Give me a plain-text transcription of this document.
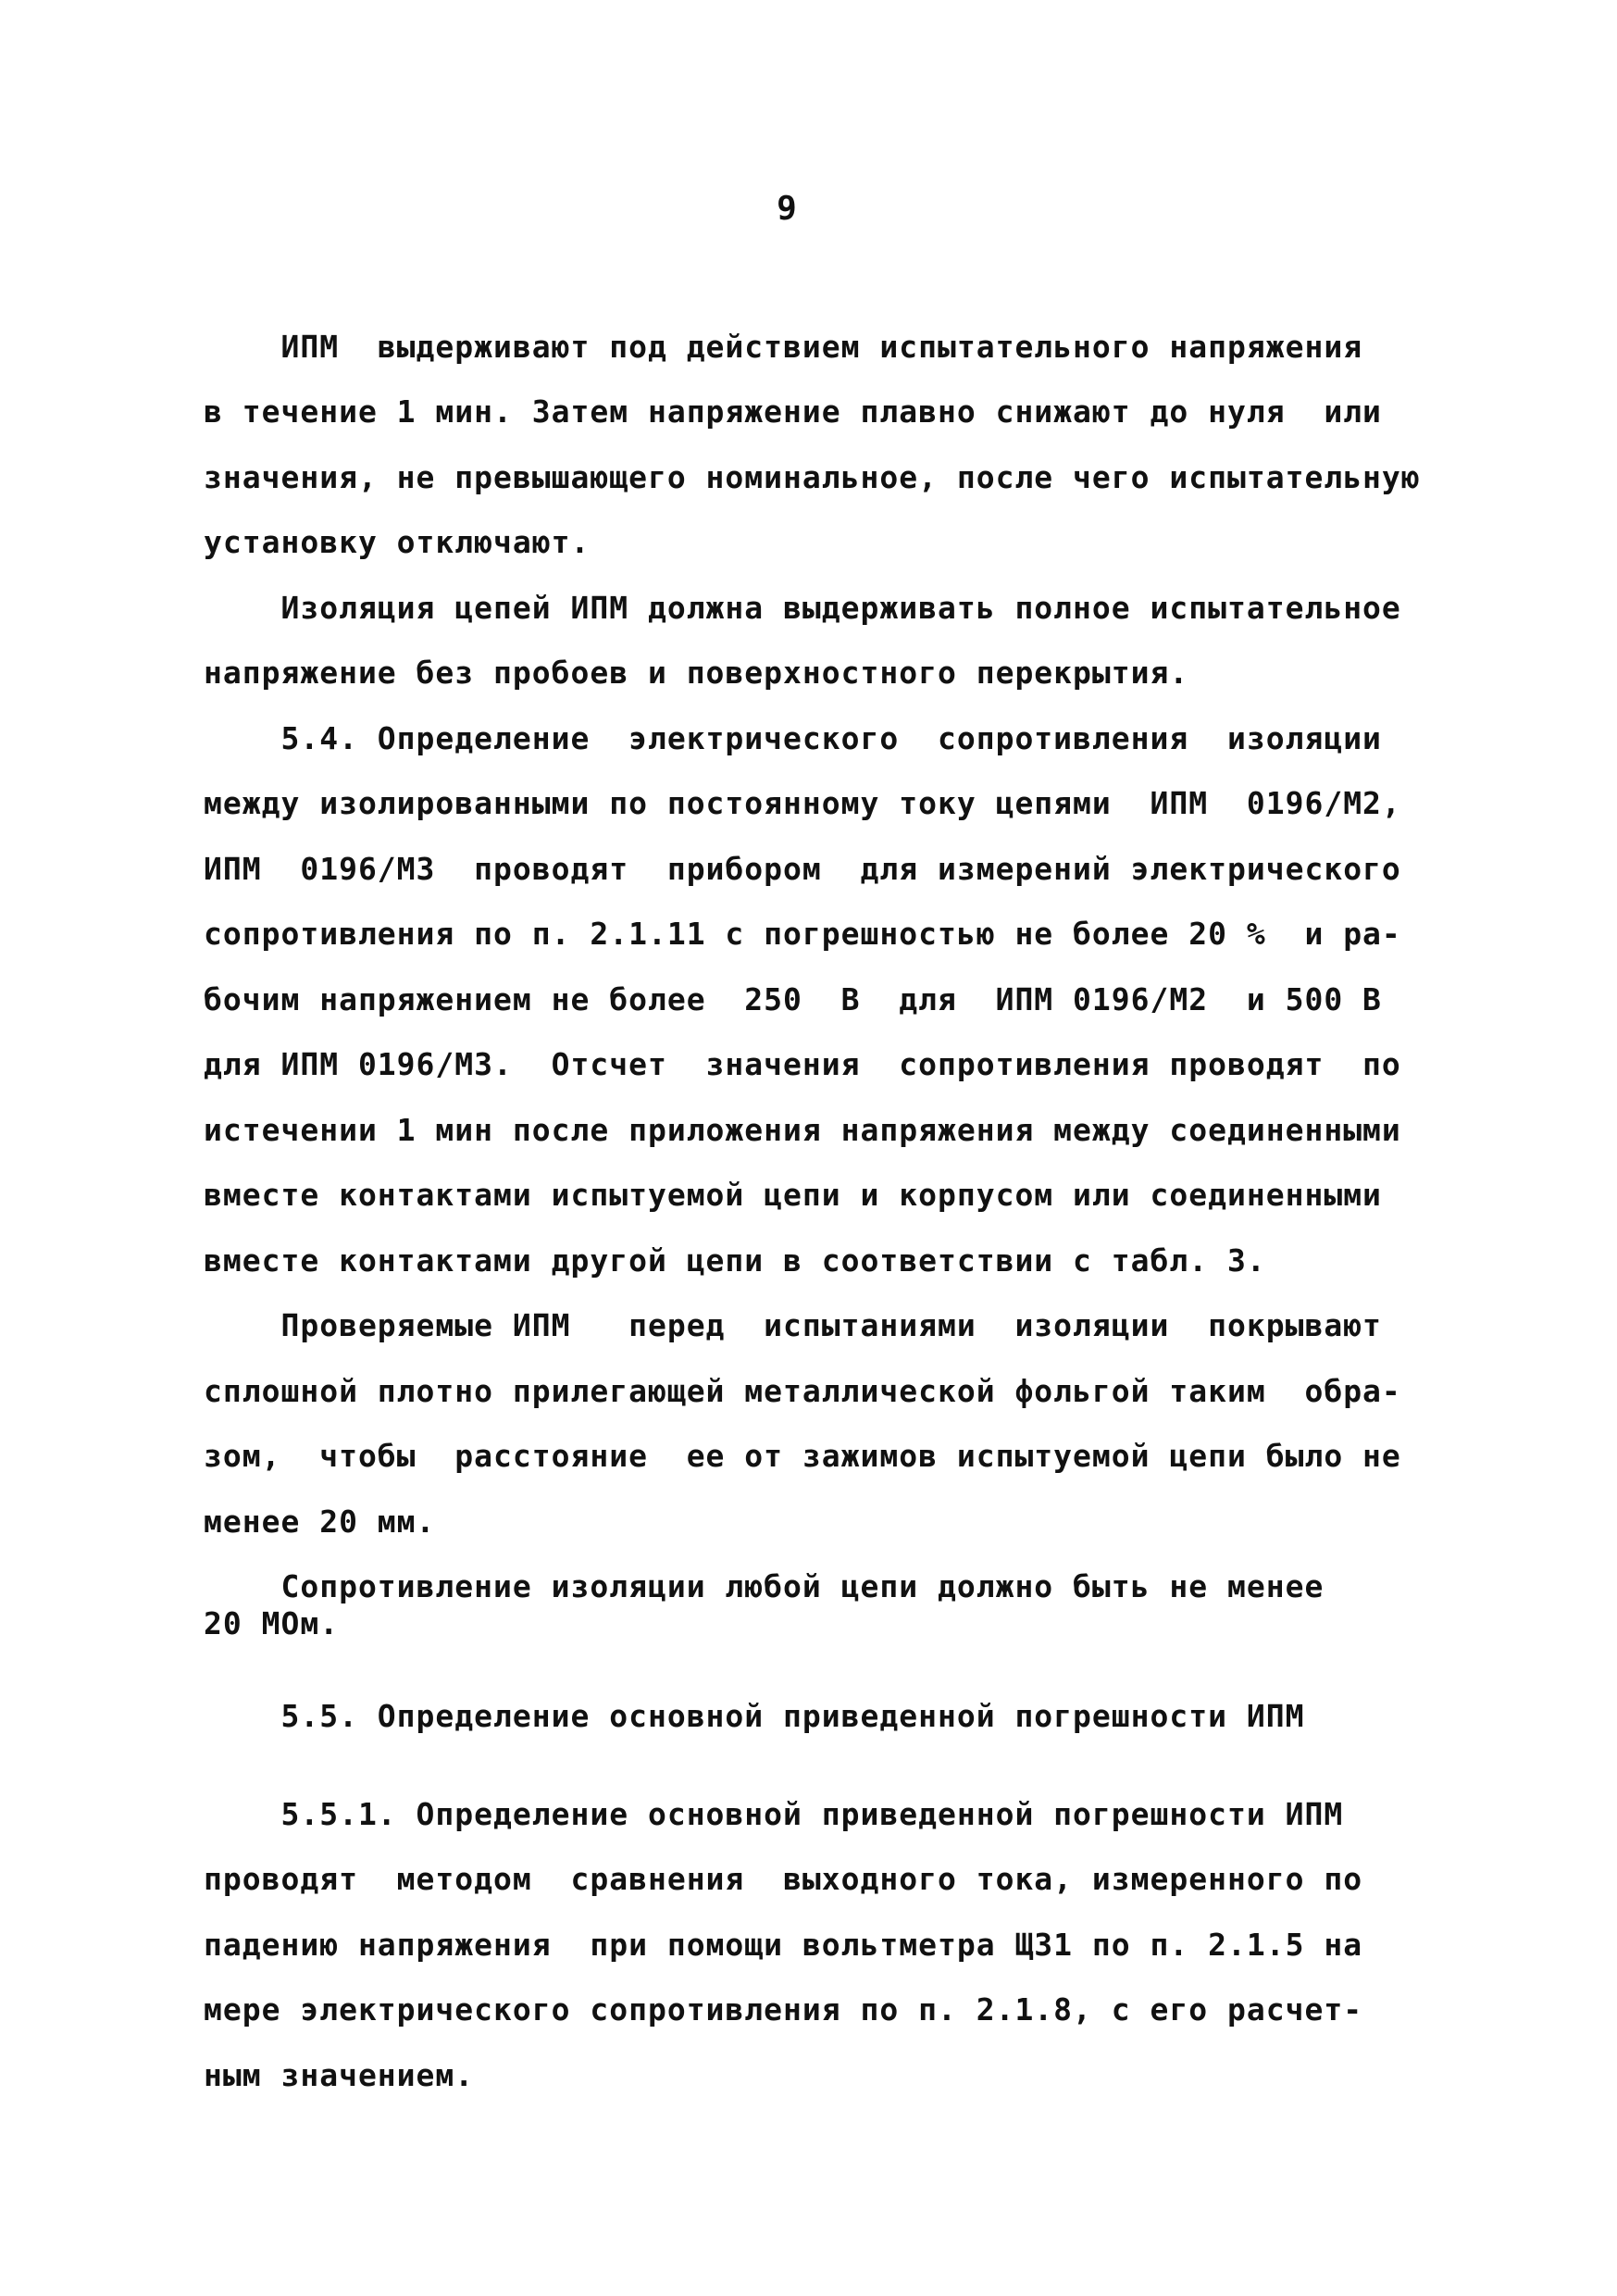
9
ИПМ  выдерживают под действием испытательного напряжения
в течение 1 мин. Затем напряжение плавно снижают до нуля  или
значения, не превышающего номинальное, после чего испытательную
установку отключают.
Изоляция цепей ИПМ должна выдерживать полное испытательное
напряжение без пробоев и поверхностного перекрытия.
5.4. Определение  электрического  сопротивления  изоляции
между изолированными по постоянному току цепями  ИПМ  0196/М2,
ИПМ  0196/М3  проводят  прибором  для измерений электрического
сопротивления по п. 2.1.11 с погрешностью не более 20 %  и ра-
бочим напряжением не более  250  В  для  ИПМ 0196/М2  и 500 В
для ИПМ 0196/М3.  Отсчет  значения  сопротивления проводят  по
истечении 1 мин после приложения напряжения между соединенными
вместе контактами испытуемой цепи и корпусом или соединенными
вместе контактами другой цепи в соответствии с табл. 3.
Проверяемые ИПМ   перед  испытаниями  изоляции  покрывают
сплошной плотно прилегающей металлической фольгой таким  обра-
зом,  чтобы  расстояние  ее от зажимов испытуемой цепи было не
менее 20 мм.
Сопротивление изоляции любой цепи должно быть не менее
20 МОм.
5.5. Определение основной приведенной погрешности ИПМ
5.5.1. Определение основной приведенной погрешности ИПМ
проводят  методом  сравнения  выходного тока, измеренного по
падению напряжения  при помощи вольтметра Щ31 по п. 2.1.5 на
мере электрического сопротивления по п. 2.1.8, с его расчет-
ным значением.
